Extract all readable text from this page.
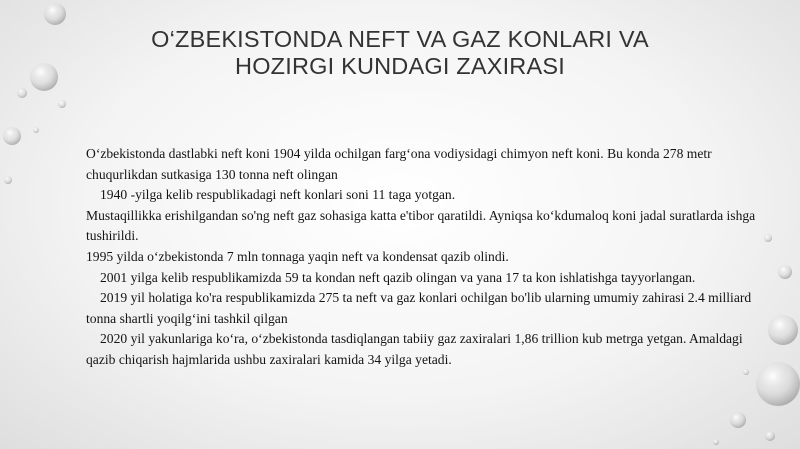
O‘ZBEKISTONDA NEFT VA GAZ KONLARI VA
HOZIRGI KUNDAGI ZAXIRASI

O‘zbekistonda dastlabki neft koni 1904 yilda ochilgan farg‘ona vodiysidagi chimyon neft koni. Bu konda 278 metr chuqurlikdan sutkasiga 130 tonna neft olingan

1940 -yilga kelib respublikadagi neft konlari soni 11 taga yotgan.

Mustaqillikka erishilgandan so'ng neft gaz sohasiga katta e'tibor qaratildi. Ayniqsa ko‘kdumaloq koni jadal suratlarda ishga tushirildi.

1995 yilda o‘zbekistonda 7 mln tonnaga yaqin neft va kondensat qazib olindi.

2001 yilga kelib respublikamizda 59 ta kondan neft qazib olingan va yana 17 ta kon ishlatishga tayyorlangan.

2019 yil holatiga ko'ra respublikamizda 275 ta neft va gaz konlari ochilgan bo'lib ularning umumiy zahirasi 2.4 milliard tonna shartli yoqilg‘ini tashkil qilgan

2020 yil yakunlariga ko‘ra, o‘zbekistonda tasdiqlangan tabiiy gaz zaxiralari 1,86 trillion kub metrga yetgan. Amaldagi qazib chiqarish hajmlarida ushbu zaxiralari kamida 34 yilga yetadi.
